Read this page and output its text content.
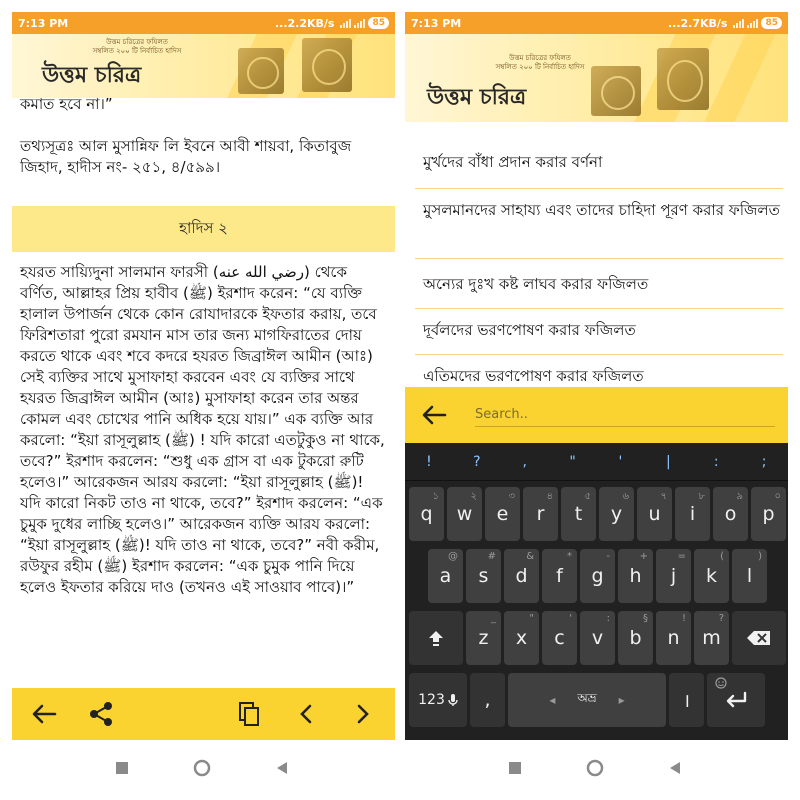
7:13 PM	...2.2KB/s	85
উত্তম চরিত্রের ফযিলত
সম্বলিত ২০০ টি নির্বাচিত হাদিস
উত্তম চরিত্র
কমাত হবে না।”
তথ্যসূত্রঃ আল মুসান্নিফ লি ইবনে আবী শায়বা, কিতাবুজ জিহাদ, হাদীস নং- ২৫১, ৪/৫৯৯।
হাদিস ২
হযরত সায়্যিদুনা সালমান ফারসী (رضي الله عنه) থেকে বর্ণিত, আল্লাহর প্রিয় হাবীব (ﷺ) ইরশাদ করেন: “যে ব্যক্তি হালাল উপার্জন থেকে কোন রোযাদারকে ইফতার করায়, তবে ফিরিশতারা পুরো রমযান মাস তার জন্য মাগফিরাতের দোয় করতে থাকে এবং শবে কদরে হযরত জিব্রাঈল আমীন (আঃ) সেই ব্যক্তির সাথে মুসাফাহা করবেন এবং যে ব্যক্তির সাথে হযরত জিব্রাঈল আমীন (আঃ) মুসাফাহা করেন তার অন্তর কোমল এবং চোখের পানি অধিক হয়ে যায়।” এক ব্যক্তি আর করলো: “ইয়া রাসূলুল্লাহ (ﷺ) ! যদি কারো এতটুকুও না থাকে, তবে?” ইরশাদ করলেন: “শুধু এক গ্রাস বা এক টুকরো রুটি হলেও।” আরেকজন আরয করলো: “ইয়া রাসূলুল্লাহ (ﷺ)! যদি কারো নিকট তাও না থাকে, তবে?” ইরশাদ করলেন: “এক চুমুক দুধের লাচ্ছি হলেও।” আরেকজন ব্যক্তি আরয করলো: “ইয়া রাসূলুল্লাহ (ﷺ)! যদি তাও না থাকে, তবে?” নবী করীম, রউফুর রহীম (ﷺ) ইরশাদ করলেন: “এক চুমুক পানি দিয়ে হলেও ইফতার করিয়ে দাও (তখনও এই সাওয়াব পাবে)।”
7:13 PM	...2.7KB/s	85
উত্তম চরিত্রের ফযিলত
সম্বলিত ২০০ টি নির্বাচিত হাদিস
উত্তম চরিত্র
মুর্খদের বাঁধা প্রদান করার বর্ণনা
মুসলমানদের সাহায্য এবং তাদের চাহিদা পূরণ করার ফজিলত
অন্যের দুঃখ কষ্ট লাঘব করার ফজিলত
দূর্বলদের ভরণপোষণ করার ফজিলত
এতিমদের ভরণপোষণ করার ফজিলত
Search..
!	?	,	"	'	|	:	;
১
q
২
w
৩
e
৪
r
৫
t
৬
y
৭
u
৮
i
৯
o
০
p
@
a
#
s
&
d
*
f
-
g
+
h
=
j
(
k
)
l
_
z
"
x
'
c
:
v
§
b
!
n
?
m
123	,	◂ অভ্র ▸	।
